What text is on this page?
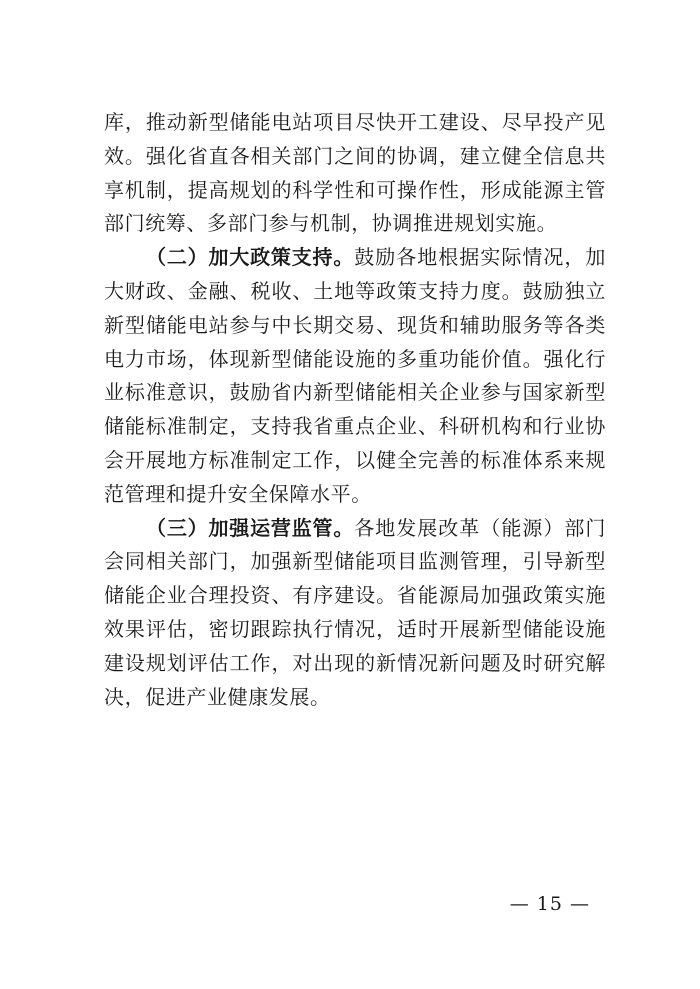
库，推动新型储能电站项目尽快开工建设、尽早投产见效。强化省直各相关部门之间的协调，建立健全信息共享机制，提高规划的科学性和可操作性，形成能源主管部门统筹、多部门参与机制，协调推进规划实施。

（二）加大政策支持。鼓励各地根据实际情况，加大财政、金融、税收、土地等政策支持力度。鼓励独立新型储能电站参与中长期交易、现货和辅助服务等各类电力市场，体现新型储能设施的多重功能价值。强化行业标准意识，鼓励省内新型储能相关企业参与国家新型储能标准制定，支持我省重点企业、科研机构和行业协会开展地方标准制定工作，以健全完善的标准体系来规范管理和提升安全保障水平。

（三）加强运营监管。各地发展改革（能源）部门会同相关部门，加强新型储能项目监测管理，引导新型储能企业合理投资、有序建设。省能源局加强政策实施效果评估，密切跟踪执行情况，适时开展新型储能设施建设规划评估工作，对出现的新情况新问题及时研究解决，促进产业健康发展。

— 15 —
